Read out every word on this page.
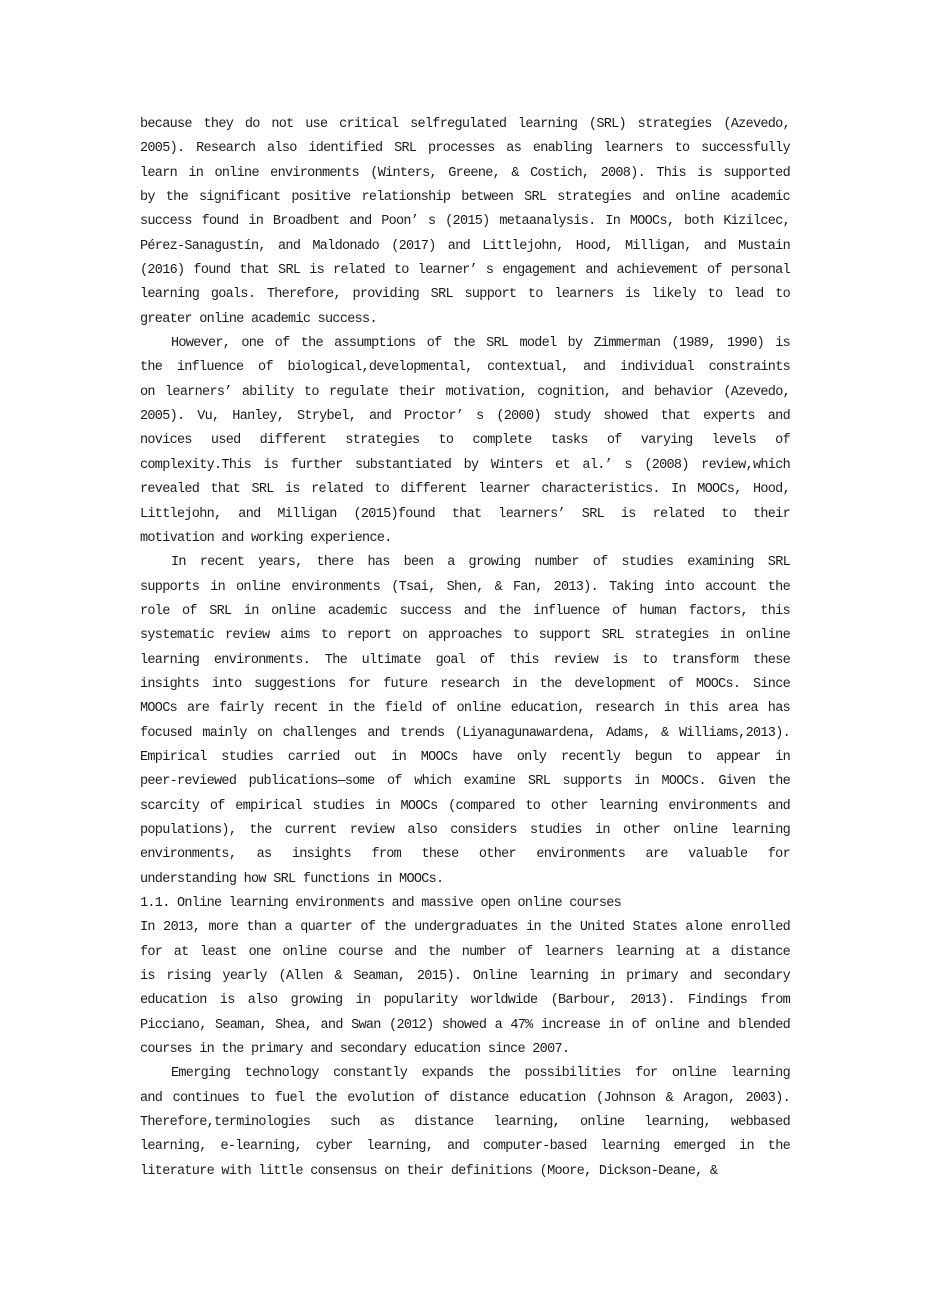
because they do not use critical selfregulated learning (SRL) strategies (Azevedo,
2005). Research also identified SRL processes as enabling learners to successfully
learn in online environments (Winters, Greene, & Costich, 2008). This is supported
by the significant positive relationship between SRL strategies and online academic
success found in Broadbent and Poon’ s (2015) metaanalysis. In MOOCs, both Kizilcec,
Pérez-Sanagustín, and Maldonado (2017) and Littlejohn, Hood, Milligan, and Mustain
(2016) found that SRL is related to learner’ s engagement and achievement of personal
learning goals. Therefore, providing SRL support to learners is likely to lead to
greater online academic success.
However, one of the assumptions of the SRL model by Zimmerman (1989, 1990) is
the influence of biological,developmental, contextual, and individual constraints
on learners’ ability to regulate their motivation, cognition, and behavior (Azevedo,
2005). Vu, Hanley, Strybel, and Proctor’ s (2000) study showed that experts and
novices used different strategies to complete tasks of varying levels of
complexity.This is further substantiated by Winters et al.’ s (2008) review,which
revealed that SRL is related to different learner characteristics. In MOOCs, Hood,
Littlejohn, and Milligan (2015)found that learners’ SRL is related to their
motivation and working experience.
In recent years, there has been a growing number of studies examining SRL
supports in online environments (Tsai, Shen, & Fan, 2013). Taking into account the
role of SRL in online academic success and the influence of human factors, this
systematic review aims to report on approaches to support SRL strategies in online
learning environments. The ultimate goal of this review is to transform these
insights into suggestions for future research in the development of MOOCs. Since
MOOCs are fairly recent in the field of online education, research in this area has
focused mainly on challenges and trends (Liyanagunawardena, Adams, & Williams,2013).
Empirical studies carried out in MOOCs have only recently begun to appear in
peer-reviewed publications—some of which examine SRL supports in MOOCs. Given the
scarcity of empirical studies in MOOCs (compared to other learning environments and
populations), the current review also considers studies in other online learning
environments, as insights from these other environments are valuable for
understanding how SRL functions in MOOCs.
1.1. Online learning environments and massive open online courses
In 2013, more than a quarter of the undergraduates in the United States alone enrolled
for at least one online course and the number of learners learning at a distance
is rising yearly (Allen & Seaman, 2015). Online learning in primary and secondary
education is also growing in popularity worldwide (Barbour, 2013). Findings from
Picciano, Seaman, Shea, and Swan (2012) showed a 47% increase in of online and blended
courses in the primary and secondary education since 2007.
Emerging technology constantly expands the possibilities for online learning
and continues to fuel the evolution of distance education (Johnson & Aragon, 2003).
Therefore,terminologies such as distance learning, online learning, webbased
learning, e-learning, cyber learning, and computer-based learning emerged in the
literature with little consensus on their definitions (Moore, Dickson-Deane, &
